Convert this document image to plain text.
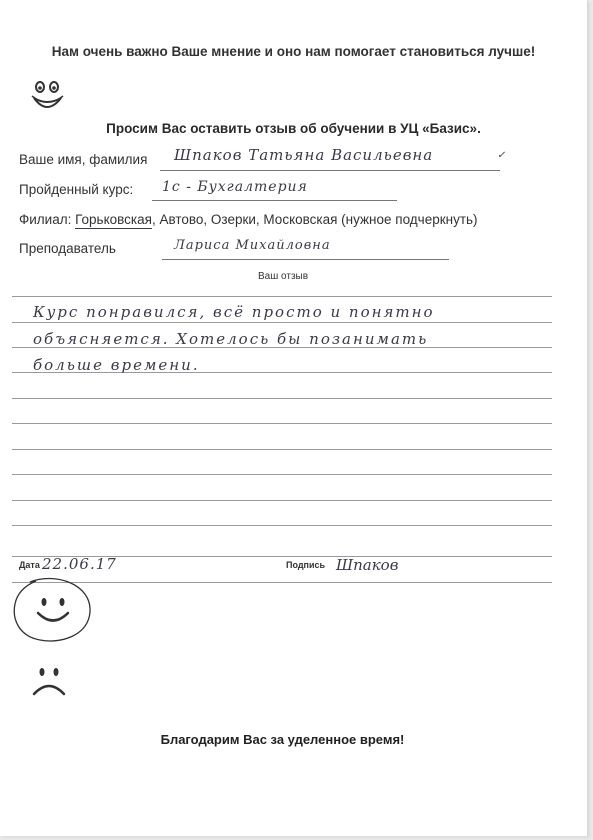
Нам очень важно Ваше мнение и оно нам помогает становиться лучше!
Просим Вас оставить отзыв об обучении в УЦ «Базис».
Ваше имя, фамилия Шпаков Татьяна Васильевна	✓
Пройденный курс: 1с - Бухгалтерия
Филиал: Горьковская, Автово, Озерки, Московская (нужное подчеркнуть)
Преподаватель	Лариса Михайловна
Ваш отзыв
Курс понравился, всё просто и понятно
объясняется. Хотелось бы позанимать
больше времени.
Дата 22.06.17	Подпись Шпаков
Благодарим Вас за уделенное время!
